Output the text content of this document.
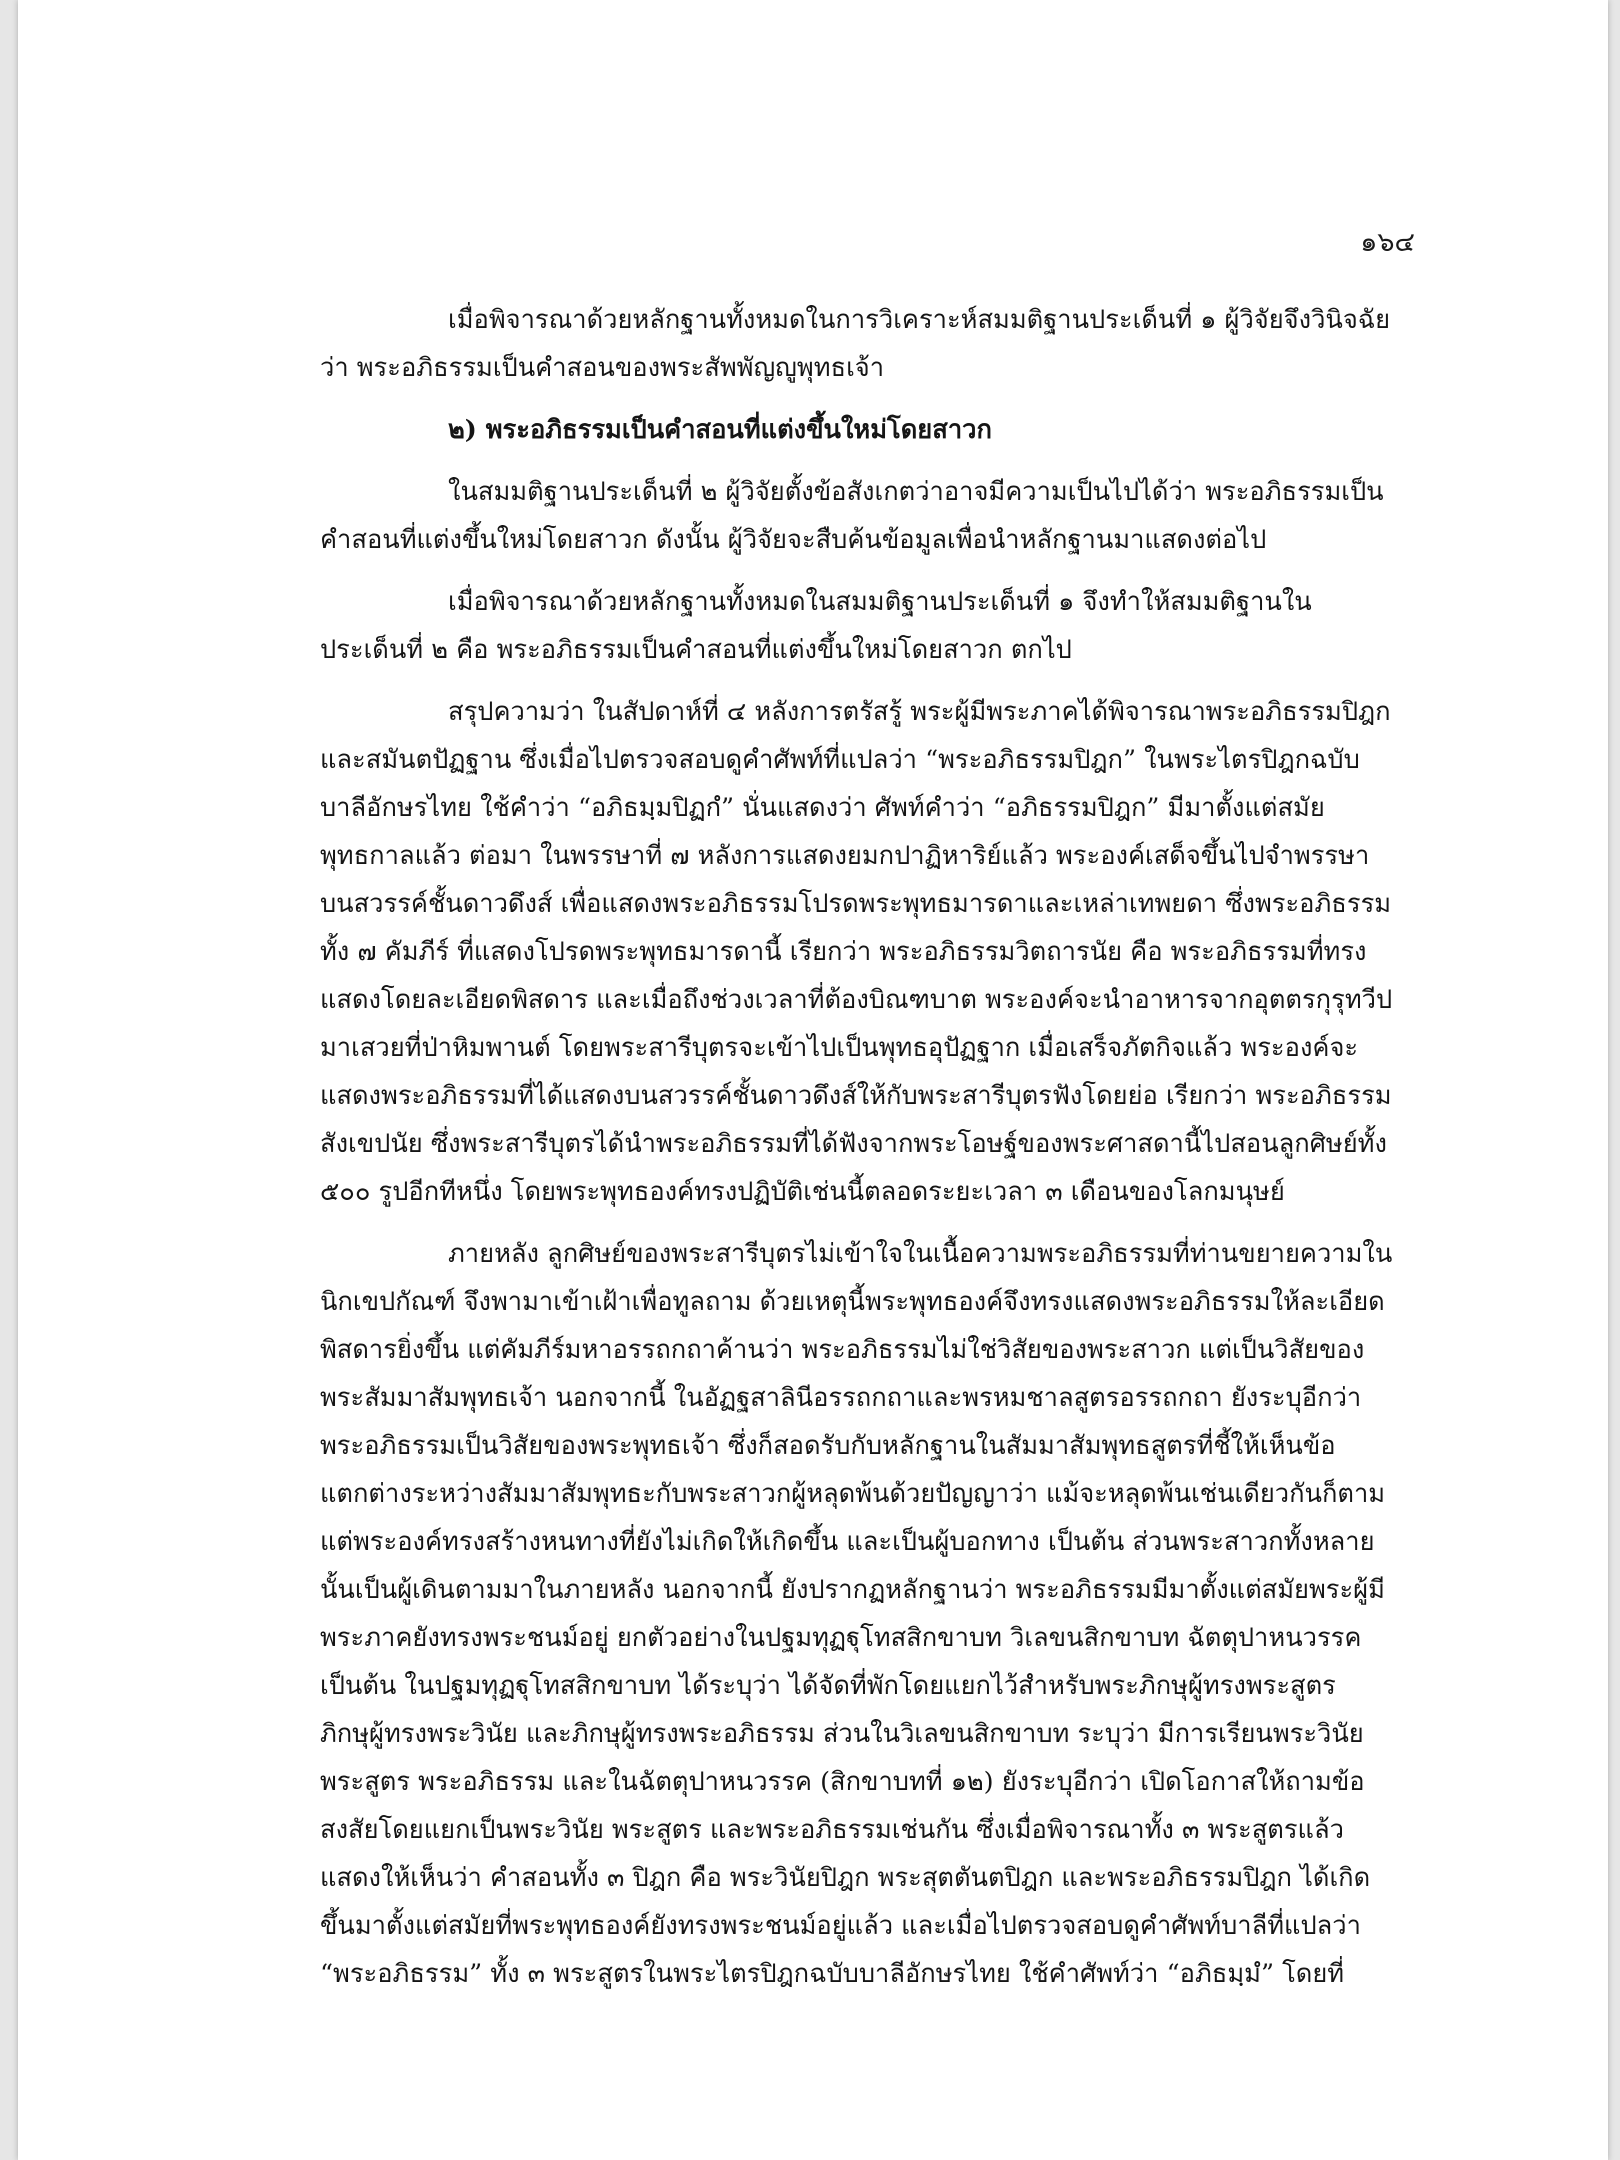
๑๖๔
เมื่อพิจารณาด้วยหลักฐานทั้งหมดในการวิเคราะห์สมมติฐานประเด็นที่ ๑ ผู้วิจัยจึงวินิจฉัย
ว่า พระอภิธรรมเป็นคำสอนของพระสัพพัญญูพุทธเจ้า
๒) พระอภิธรรมเป็นคำสอนที่แต่งขึ้นใหม่โดยสาวก
ในสมมติฐานประเด็นที่ ๒ ผู้วิจัยตั้งข้อสังเกตว่าอาจมีความเป็นไปได้ว่า พระอภิธรรมเป็น
คำสอนที่แต่งขึ้นใหม่โดยสาวก ดังนั้น ผู้วิจัยจะสืบค้นข้อมูลเพื่อนำหลักฐานมาแสดงต่อไป
เมื่อพิจารณาด้วยหลักฐานทั้งหมดในสมมติฐานประเด็นที่ ๑ จึงทำให้สมมติฐานใน
ประเด็นที่ ๒ คือ พระอภิธรรมเป็นคำสอนที่แต่งขึ้นใหม่โดยสาวก ตกไป
สรุปความว่า ในสัปดาห์ที่ ๔ หลังการตรัสรู้ พระผู้มีพระภาคได้พิจารณาพระอภิธรรมปิฎก
และสมันตปัฏฐาน ซึ่งเมื่อไปตรวจสอบดูคำศัพท์ที่แปลว่า “พระอภิธรรมปิฎก” ในพระไตรปิฎกฉบับ
บาลีอักษรไทย ใช้คำว่า “อภิธมฺมปิฏกํ” นั่นแสดงว่า ศัพท์คำว่า “อภิธรรมปิฎก” มีมาตั้งแต่สมัย
พุทธกาลแล้ว ต่อมา ในพรรษาที่ ๗ หลังการแสดงยมกปาฏิหาริย์แล้ว พระองค์เสด็จขึ้นไปจำพรรษา
บนสวรรค์ชั้นดาวดึงส์ เพื่อแสดงพระอภิธรรมโปรดพระพุทธมารดาและเหล่าเทพยดา ซึ่งพระอภิธรรม
ทั้ง ๗ คัมภีร์ ที่แสดงโปรดพระพุทธมารดานี้ เรียกว่า พระอภิธรรมวิตถารนัย คือ พระอภิธรรมที่ทรง
แสดงโดยละเอียดพิสดาร และเมื่อถึงช่วงเวลาที่ต้องบิณฑบาต พระองค์จะนำอาหารจากอุตตรกุรุทวีป
มาเสวยที่ป่าหิมพานต์ โดยพระสารีบุตรจะเข้าไปเป็นพุทธอุปัฏฐาก เมื่อเสร็จภัตกิจแล้ว พระองค์จะ
แสดงพระอภิธรรมที่ได้แสดงบนสวรรค์ชั้นดาวดึงส์ให้กับพระสารีบุตรฟังโดยย่อ เรียกว่า พระอภิธรรม
สังเขปนัย ซึ่งพระสารีบุตรได้นำพระอภิธรรมที่ได้ฟังจากพระโอษฐ์ของพระศาสดานี้ไปสอนลูกศิษย์ทั้ง
๕๐๐ รูปอีกทีหนึ่ง โดยพระพุทธองค์ทรงปฏิบัติเช่นนี้ตลอดระยะเวลา ๓ เดือนของโลกมนุษย์
ภายหลัง ลูกศิษย์ของพระสารีบุตรไม่เข้าใจในเนื้อความพระอภิธรรมที่ท่านขยายความใน
นิกเขปกัณฑ์ จึงพามาเข้าเฝ้าเพื่อทูลถาม ด้วยเหตุนี้พระพุทธองค์จึงทรงแสดงพระอภิธรรมให้ละเอียด
พิสดารยิ่งขึ้น แต่คัมภีร์มหาอรรถกถาค้านว่า พระอภิธรรมไม่ใช่วิสัยของพระสาวก แต่เป็นวิสัยของ
พระสัมมาสัมพุทธเจ้า นอกจากนี้ ในอัฏฐสาลินีอรรถกถาและพรหมชาลสูตรอรรถกถา ยังระบุอีกว่า
พระอภิธรรมเป็นวิสัยของพระพุทธเจ้า ซึ่งก็สอดรับกับหลักฐานในสัมมาสัมพุทธสูตรที่ชี้ให้เห็นข้อ
แตกต่างระหว่างสัมมาสัมพุทธะกับพระสาวกผู้หลุดพ้นด้วยปัญญาว่า แม้จะหลุดพ้นเช่นเดียวกันก็ตาม
แต่พระองค์ทรงสร้างหนทางที่ยังไม่เกิดให้เกิดขึ้น และเป็นผู้บอกทาง เป็นต้น ส่วนพระสาวกทั้งหลาย
นั้นเป็นผู้เดินตามมาในภายหลัง นอกจากนี้ ยังปรากฏหลักฐานว่า พระอภิธรรมมีมาตั้งแต่สมัยพระผู้มี
พระภาคยังทรงพระชนม์อยู่ ยกตัวอย่างในปฐมทุฏฐุโทสสิกขาบท วิเลขนสิกขาบท ฉัตตุปาหนวรรค
เป็นต้น ในปฐมทุฏฐุโทสสิกขาบท ได้ระบุว่า ได้จัดที่พักโดยแยกไว้สำหรับพระภิกษุผู้ทรงพระสูตร
ภิกษุผู้ทรงพระวินัย และภิกษุผู้ทรงพระอภิธรรม ส่วนในวิเลขนสิกขาบท ระบุว่า มีการเรียนพระวินัย
พระสูตร พระอภิธรรม และในฉัตตุปาหนวรรค (สิกขาบทที่ ๑๒) ยังระบุอีกว่า เปิดโอกาสให้ถามข้อ
สงสัยโดยแยกเป็นพระวินัย พระสูตร และพระอภิธรรมเช่นกัน ซึ่งเมื่อพิจารณาทั้ง ๓ พระสูตรแล้ว
แสดงให้เห็นว่า คำสอนทั้ง ๓ ปิฎก คือ พระวินัยปิฎก พระสุตตันตปิฎก และพระอภิธรรมปิฎก ได้เกิด
ขึ้นมาตั้งแต่สมัยที่พระพุทธองค์ยังทรงพระชนม์อยู่แล้ว และเมื่อไปตรวจสอบดูคำศัพท์บาลีที่แปลว่า
“พระอภิธรรม” ทั้ง ๓ พระสูตรในพระไตรปิฎกฉบับบาลีอักษรไทย ใช้คำศัพท์ว่า “อภิธมฺมํ” โดยที่
